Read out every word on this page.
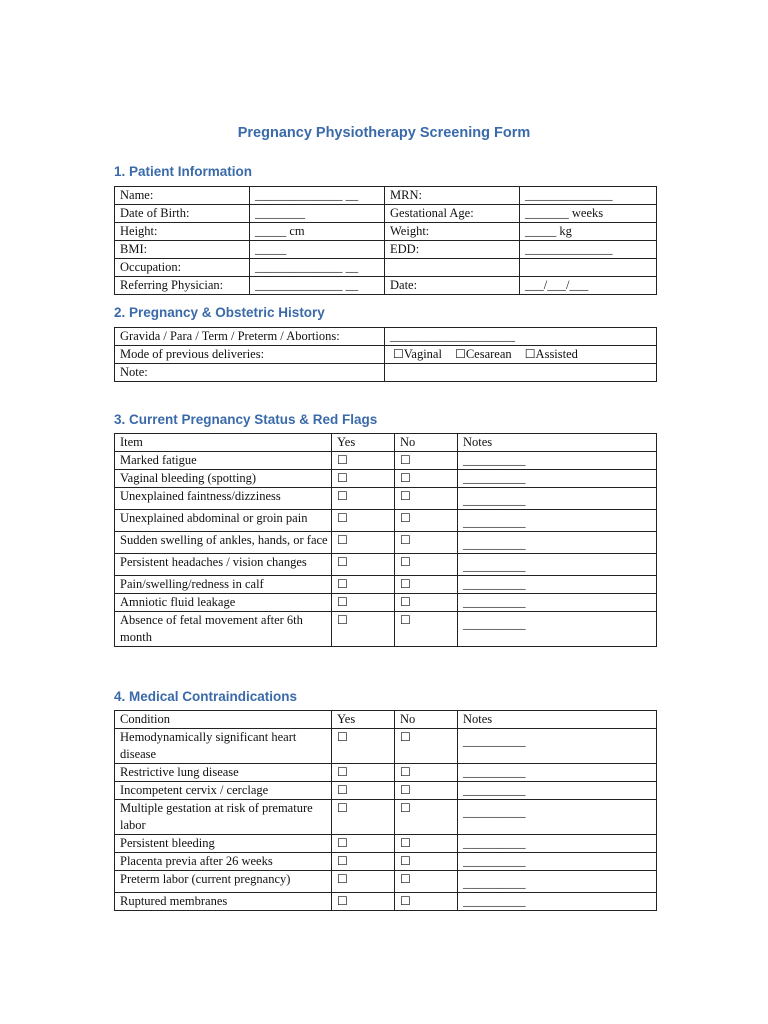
Pregnancy Physiotherapy Screening Form
1. Patient Information
Name:	______________ __	MRN:	______________
Date of Birth:	________	Gestational Age:	_______ weeks
Height:	_____ cm	Weight:	_____ kg
BMI:	_____	EDD:	______________
Occupation:	______________ __		
Referring Physician:	______________ __	Date:	___/___/___
2. Pregnancy & Obstetric History
Gravida / Para / Term / Preterm / Abortions:	____________________
Mode of previous deliveries:	☐Vaginal ☐Cesarean ☐Assisted
Note:	
3. Current Pregnancy Status & Red Flags
Item	Yes	No	Notes
Marked fatigue	☐	☐	__________
Vaginal bleeding (spotting)	☐	☐	__________
Unexplained faintness/dizziness	☐	☐	__________
Unexplained abdominal or groin pain	☐	☐	__________
Sudden swelling of ankles, hands, or face	☐	☐	__________
Persistent headaches / vision changes	☐	☐	__________
Pain/swelling/redness in calf	☐	☐	__________
Amniotic fluid leakage	☐	☐	__________
Absence of fetal movement after 6th month	☐	☐	__________
4. Medical Contraindications
Condition	Yes	No	Notes
Hemodynamically significant heart disease	☐	☐	__________
Restrictive lung disease	☐	☐	__________
Incompetent cervix / cerclage	☐	☐	__________
Multiple gestation at risk of premature labor	☐	☐	__________
Persistent bleeding	☐	☐	__________
Placenta previa after 26 weeks	☐	☐	__________
Preterm labor (current pregnancy)	☐	☐	__________
Ruptured membranes	☐	☐	__________
